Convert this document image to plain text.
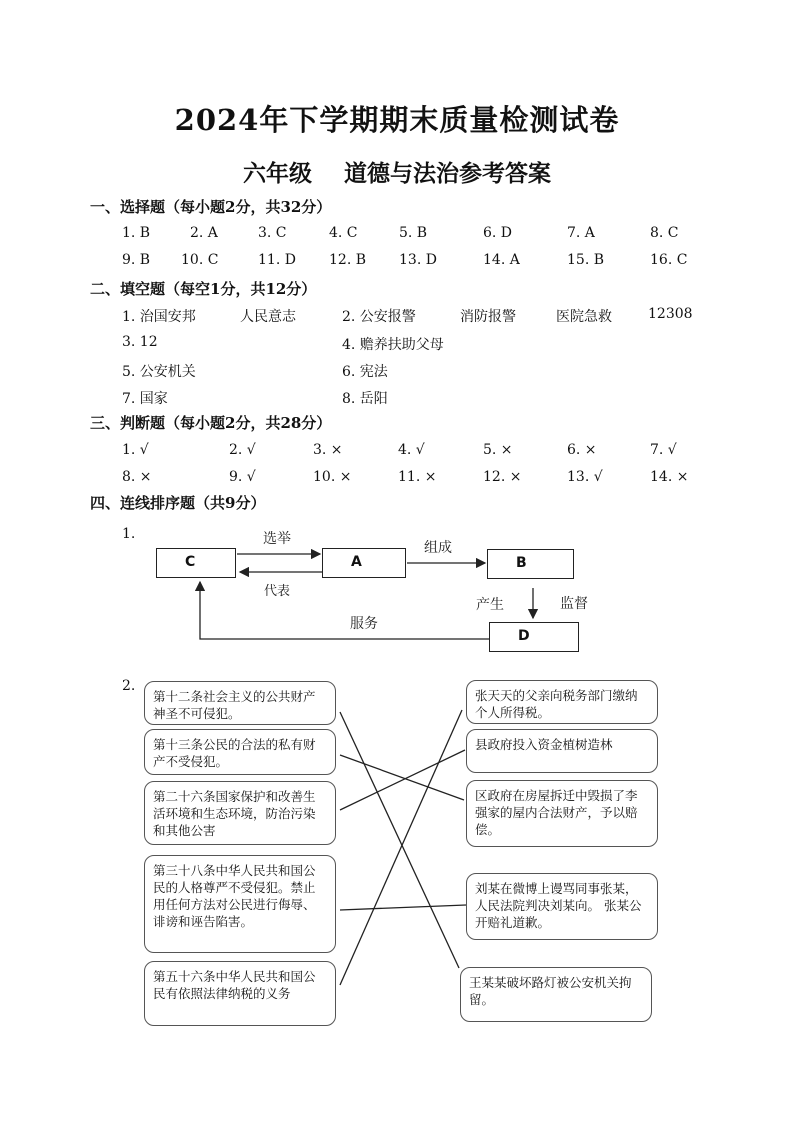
2024年下学期期末质量检测试卷
六年级    道德与法治参考答案
一、选择题（每小题2分，共32分）
1. B	2. A	3. C	4. C	5. B	6. D	7. A	8. C
9. B 10. C	11. D 12. B 13. D	14. A	15. B	16. C
二、填空题（每空1分，共12分）
1. 治国安邦	人民意志	2. 公安报警	消防报警	医院急救	12308
3. 12	4. 赡养扶助父母
5. 公安机关	6. 宪法
7. 国家	8. 岳阳
三、判断题（每小题2分，共28分）
1. √	2. √	3. ×	4. √	5. ×	6. ×	7. √
8. ×	9. √	10. ×	11. ×	12. ×	13. √	14. ×
四、连线排序题（共9分）
1.
C	A	B
D
选举
代表
组成
产生	监督
服务
2.
第十二条社会主义的公共财产神圣不可侵犯。
第十三条公民的合法的私有财产不受侵犯。
第二十六条国家保护和改善生活环境和生态环境，防治污染和其他公害
第三十八条中华人民共和国公民的人格尊严不受侵犯。禁止用任何方法对公民进行侮辱、诽谤和诬告陷害。
第五十六条中华人民共和国公民有依照法律纳税的义务
张天天的父亲向税务部门缴纳个人所得税。
县政府投入资金植树造林
区政府在房屋拆迁中毁损了李强家的屋内合法财产，予以赔偿。
刘某在微博上谩骂同事张某，人民法院判决刘某向。 张某公开赔礼道歉。
王某某破坏路灯被公安机关拘留。
